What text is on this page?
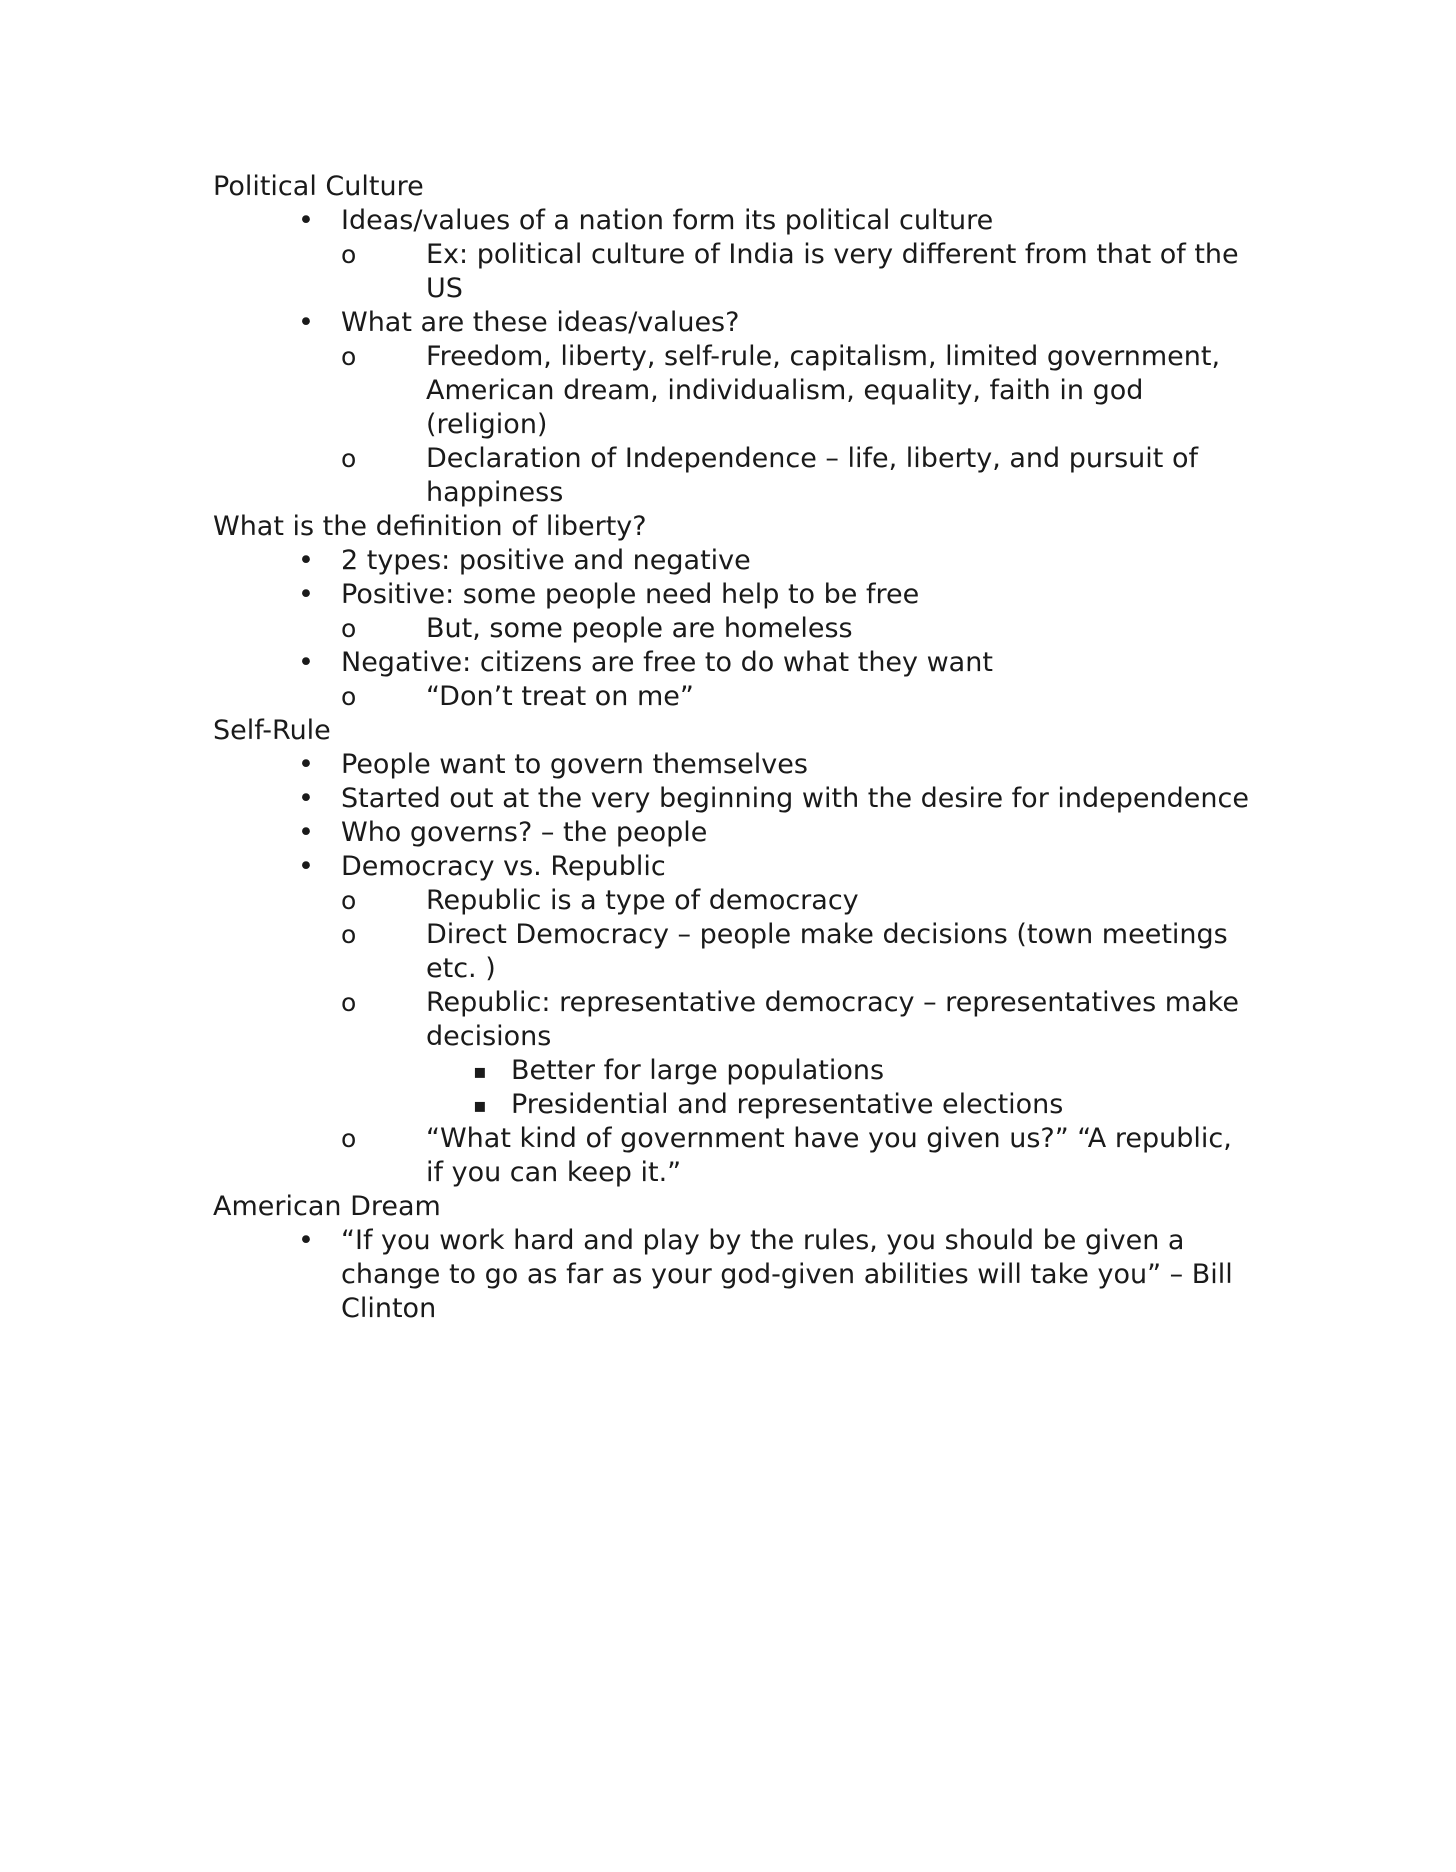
Political Culture
•	Ideas/values of a nation form its political culture
o	Ex: political culture of India is very different from that of the US
•	What are these ideas/values?
o	Freedom, liberty, self-rule, capitalism, limited government, American dream, individualism, equality, faith in god (religion)
o	Declaration of Independence – life, liberty, and pursuit of happiness
What is the definition of liberty?
•	2 types: positive and negative
•	Positive: some people need help to be free
o	But, some people are homeless
•	Negative: citizens are free to do what they want
o	“Don’t treat on me”
Self-Rule
•	People want to govern themselves
•	Started out at the very beginning with the desire for independence
•	Who governs? – the people
•	Democracy vs. Republic
o	Republic is a type of democracy
o	Direct Democracy – people make decisions (town meetings etc. )
o	Republic: representative democracy – representatives make decisions
▪ Better for large populations
▪ Presidential and representative elections
o	“What kind of government have you given us?” “A republic, if you can keep it.”
American Dream
•	“If you work hard and play by the rules, you should be given a change to go as far as your god-given abilities will take you” – Bill Clinton
